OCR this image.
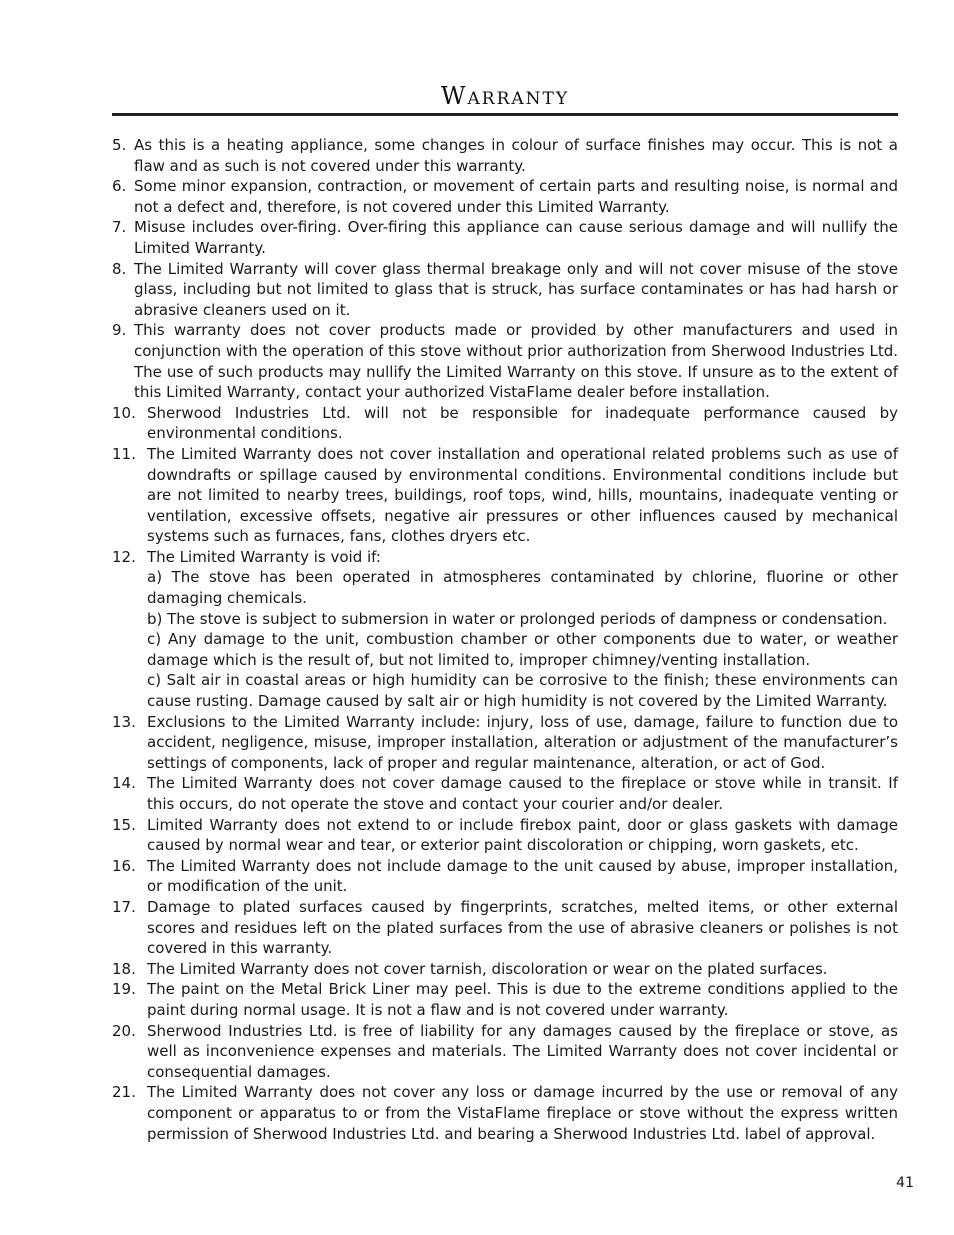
Warranty
5. As this is a heating appliance, some changes in colour of surface finishes may occur. This is not a flaw and as such is not covered under this warranty.
6. Some minor expansion, contraction, or movement of certain parts and resulting noise, is normal and not a defect and, therefore, is not covered under this Limited Warranty.
7. Misuse includes over-firing. Over-firing this appliance can cause serious damage and will nullify the Limited Warranty.
8. The Limited Warranty will cover glass thermal breakage only and will not cover misuse of the stove glass, including but not limited to glass that is struck, has surface contaminates or has had harsh or abrasive cleaners used on it.
9. This warranty does not cover products made or provided by other manufacturers and used in conjunction with the operation of this stove without prior authorization from Sherwood Industries Ltd. The use of such products may nullify the Limited Warranty on this stove. If unsure as to the extent of this Limited Warranty, contact your authorized VistaFlame dealer before installation.
10. Sherwood Industries Ltd. will not be responsible for inadequate performance caused by environmental conditions.
11. The Limited Warranty does not cover installation and operational related problems such as use of downdrafts or spillage caused by environmental conditions. Environmental conditions include but are not limited to nearby trees, buildings, roof tops, wind, hills, mountains, inadequate venting or ventilation, excessive offsets, negative air pressures or other influences caused by mechanical systems such as furnaces, fans, clothes dryers etc.
12. The Limited Warranty is void if:
a) The stove has been operated in atmospheres contaminated by chlorine, fluorine or other damaging chemicals.
b) The stove is subject to submersion in water or prolonged periods of dampness or condensation.
c) Any damage to the unit, combustion chamber or other components due to water, or weather damage which is the result of, but not limited to, improper chimney/venting installation.
c) Salt air in coastal areas or high humidity can be corrosive to the finish; these environments can cause rusting. Damage caused by salt air or high humidity is not covered by the Limited Warranty.
13. Exclusions to the Limited Warranty include: injury, loss of use, damage, failure to function due to accident, negligence, misuse, improper installation, alteration or adjustment of the manufacturer’s settings of components, lack of proper and regular maintenance, alteration, or act of God.
14. The Limited Warranty does not cover damage caused to the fireplace or stove while in transit. If this occurs, do not operate the stove and contact your courier and/or dealer.
15. Limited Warranty does not extend to or include firebox paint, door or glass gaskets with damage caused by normal wear and tear, or exterior paint discoloration or chipping, worn gaskets, etc.
16. The Limited Warranty does not include damage to the unit caused by abuse, improper installation, or modification of the unit.
17. Damage to plated surfaces caused by fingerprints, scratches, melted items, or other external scores and residues left on the plated surfaces from the use of abrasive cleaners or polishes is not covered in this warranty.
18. The Limited Warranty does not cover tarnish, discoloration or wear on the plated surfaces.
19. The paint on the Metal Brick Liner may peel. This is due to the extreme conditions applied to the paint during normal usage. It is not a flaw and is not covered under warranty.
20. Sherwood Industries Ltd. is free of liability for any damages caused by the fireplace or stove, as well as inconvenience expenses and materials. The Limited Warranty does not cover incidental or consequential damages.
21. The Limited Warranty does not cover any loss or damage incurred by the use or removal of any component or apparatus to or from the VistaFlame fireplace or stove without the express written permission of Sherwood Industries Ltd. and bearing a Sherwood Industries Ltd. label of approval.
41
